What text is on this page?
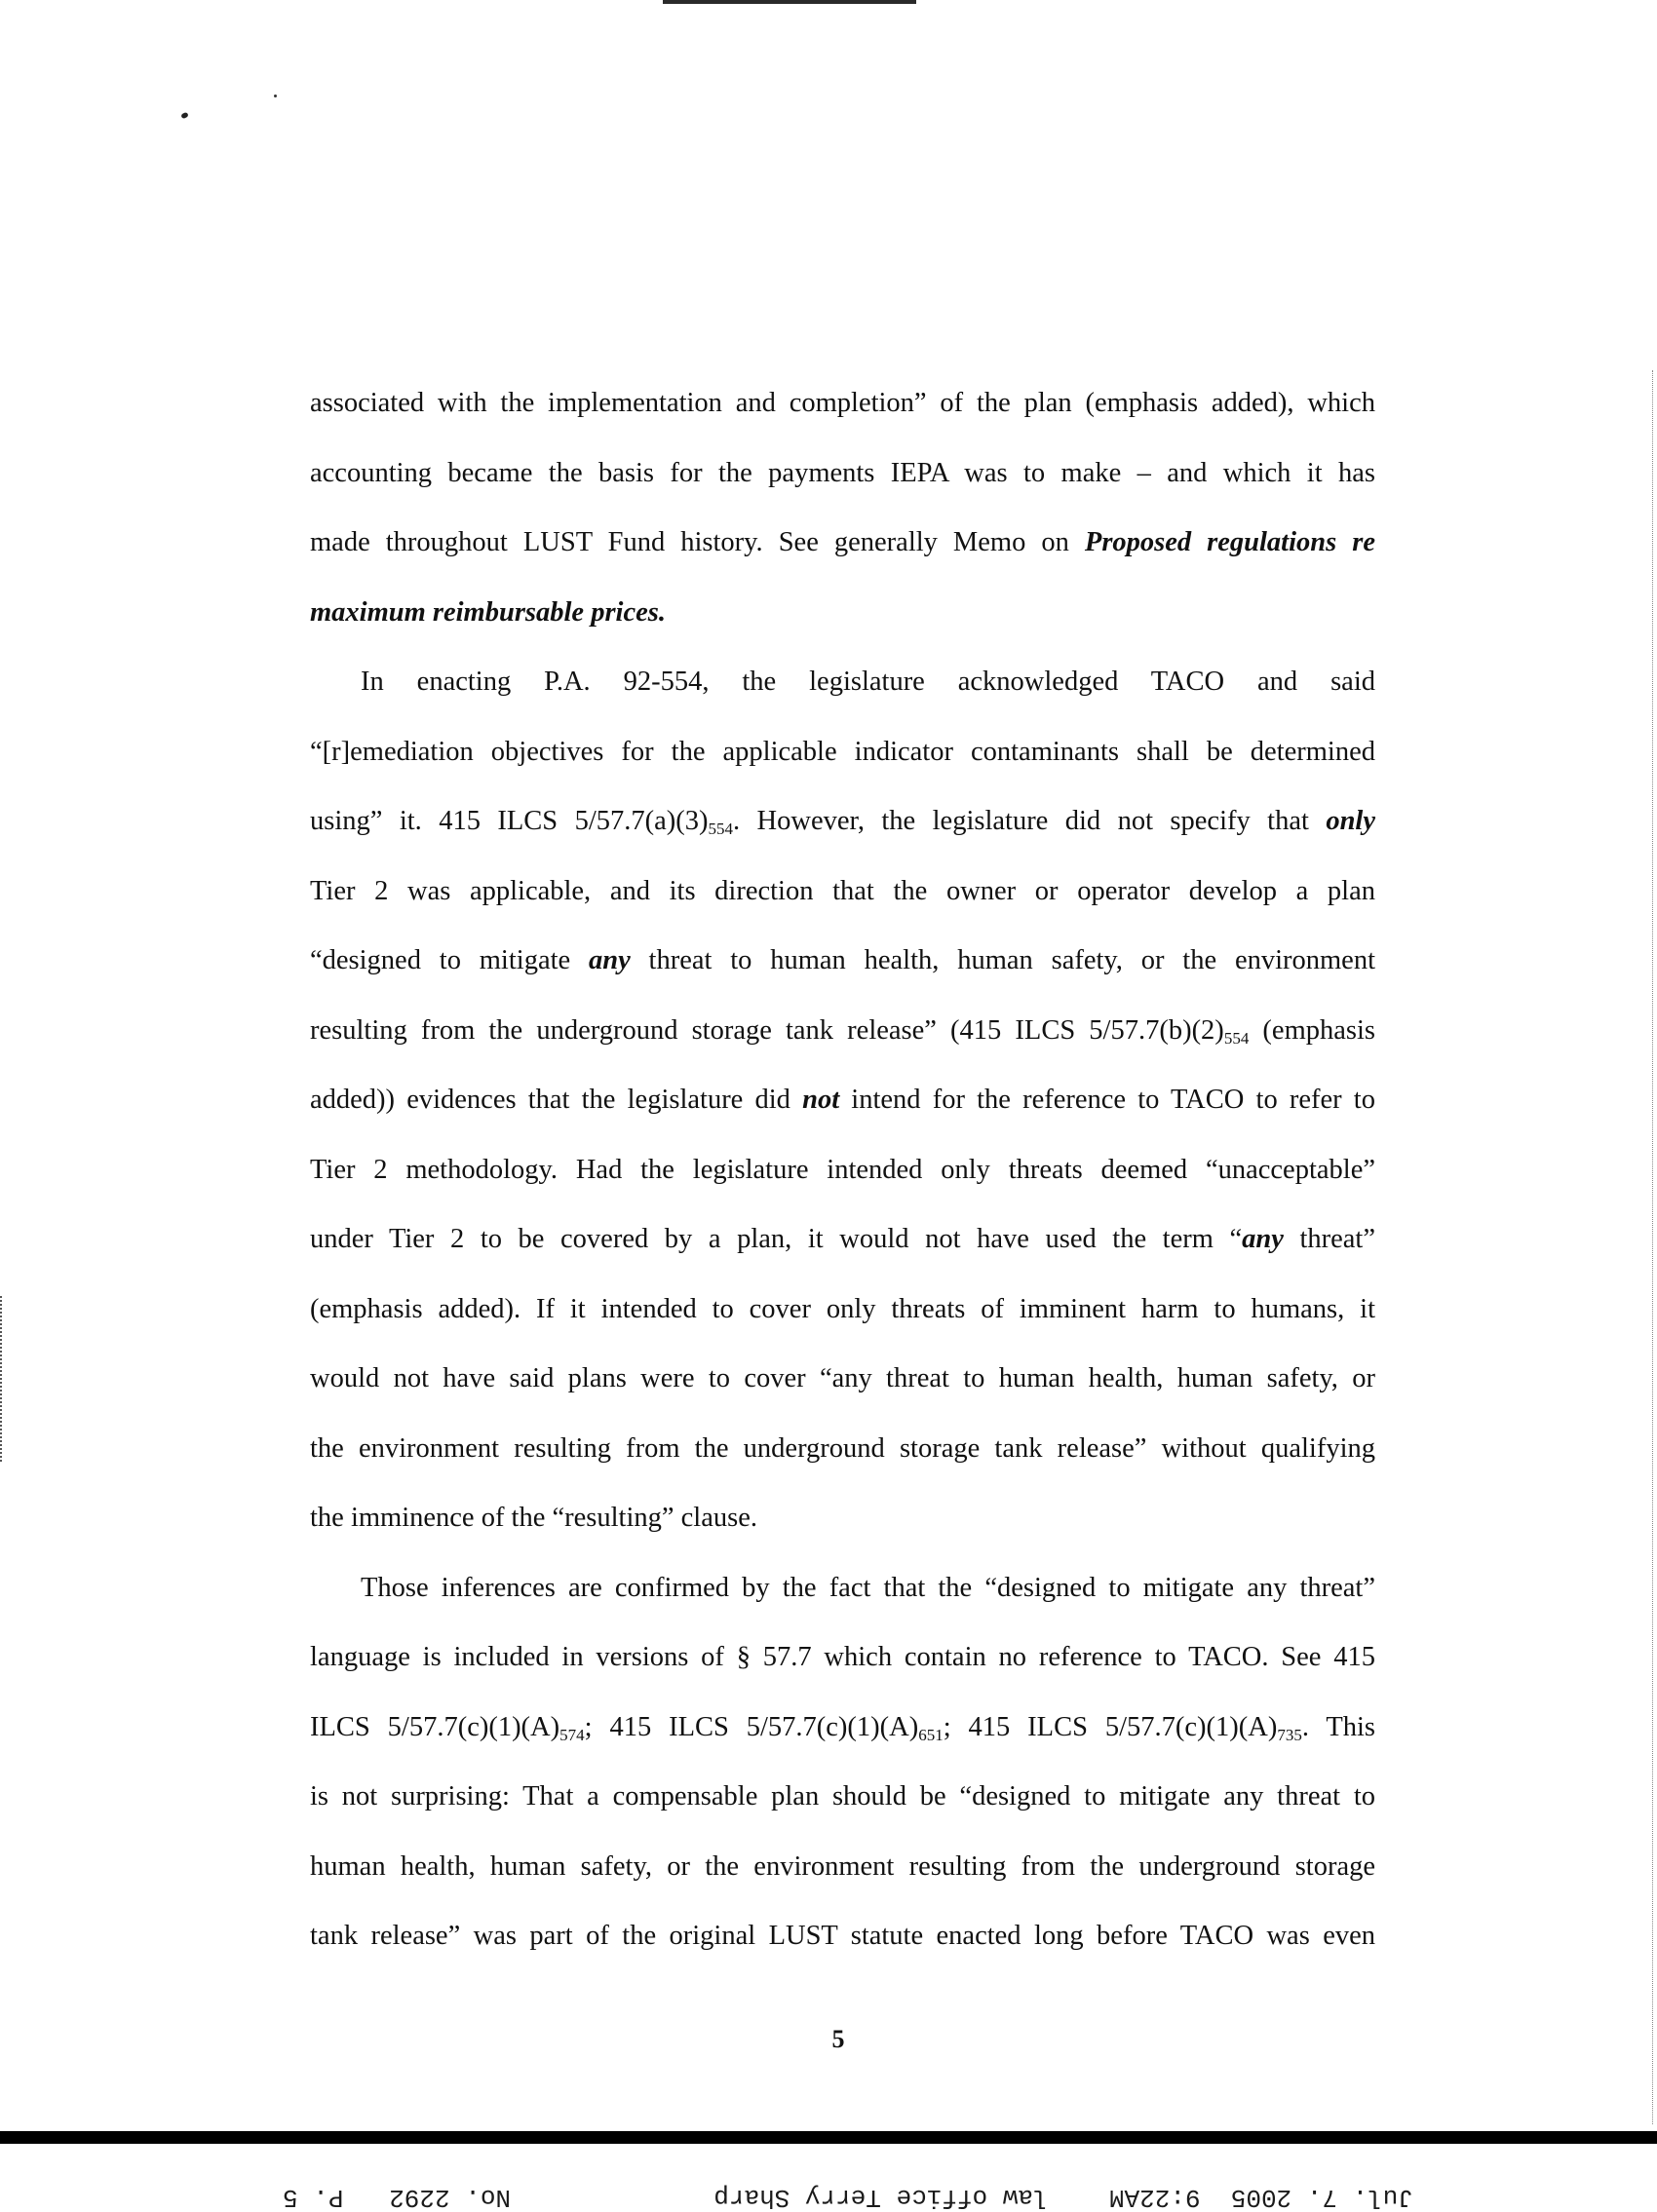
associated with the implementation and completion” of the plan (emphasis added), which
accounting became the basis for the payments IEPA was to make – and which it has
made throughout LUST Fund history. See generally Memo on Proposed regulations re
maximum reimbursable prices.
In enacting P.A. 92-554, the legislature acknowledged TACO and said
“[r]emediation objectives for the applicable indicator contaminants shall be determined
using” it. 415 ILCS $5/57.7(a)(3)_{554}$. However, the legislature did not specify that only
Tier 2 was applicable, and its direction that the owner or operator develop a plan
“designed to mitigate any threat to human health, human safety, or the environment
resulting from the underground storage tank release” (415 ILCS $5/57.7(b)(2)_{554}$ (emphasis
added)) evidences that the legislature did not intend for the reference to TACO to refer to
Tier 2 methodology. Had the legislature intended only threats deemed “unacceptable”
under Tier 2 to be covered by a plan, it would not have used the term “any threat”
(emphasis added). If it intended to cover only threats of imminent harm to humans, it
would not have said plans were to cover “any threat to human health, human safety, or
the environment resulting from the underground storage tank release” without qualifying
the imminence of the “resulting” clause.
Those inferences are confirmed by the fact that the “designed to mitigate any threat”
language is included in versions of § 57.7 which contain no reference to TACO. See 415
ILCS $5/57.7(c)(1)(A)_{574}$; 415 ILCS $5/57.7(c)(1)(A)_{651}$; 415 ILCS $5/57.7(c)(1)(A)_{735}$. This
is not surprising: That a compensable plan should be “designed to mitigate any threat to
human health, human safety, or the environment resulting from the underground storage
tank release” was part of the original LUST statute enacted long before TACO was even
5

Jul. 7. 2005  9:22AM    law office Terry Sharp

No. 2292   P. 5
